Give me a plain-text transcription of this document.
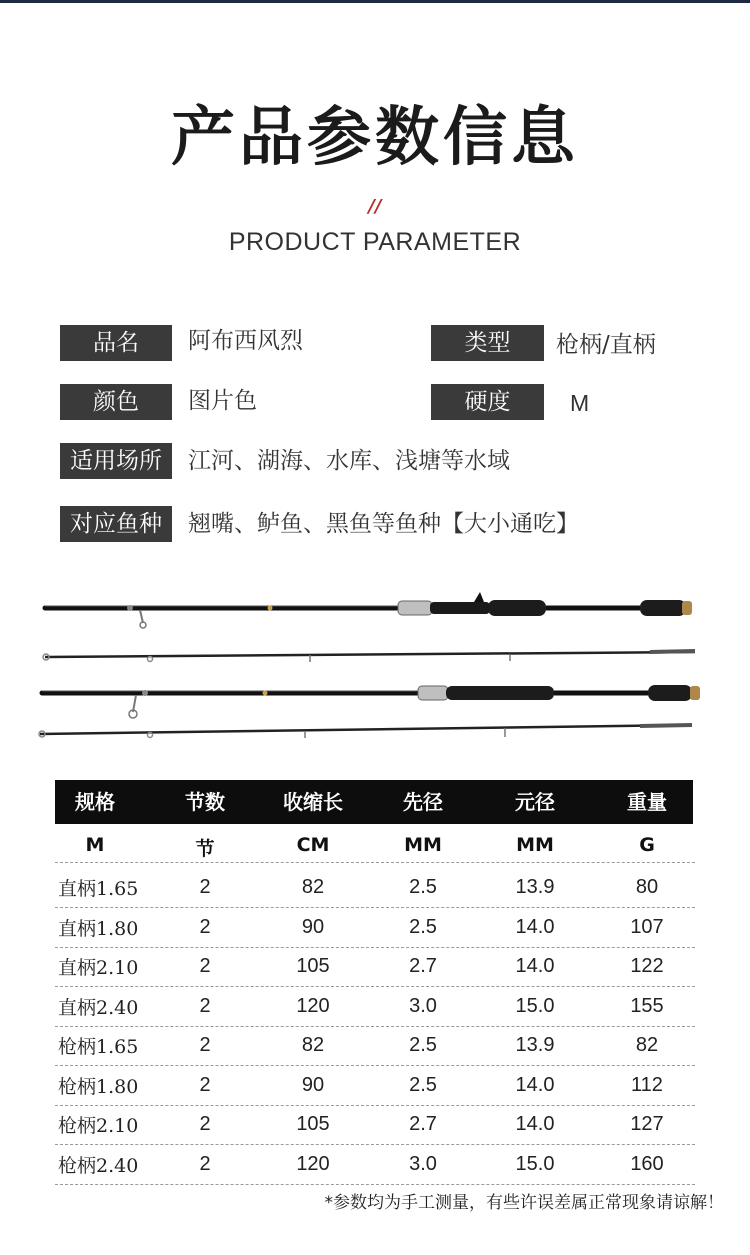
产品参数信息
//
PRODUCT PARAMETER
品名	阿布西风烈	类型	枪柄/直柄
颜色	图片色	硬度	M
适用场所	江河、湖海、水库、浅塘等水域
对应鱼种	翘嘴、鲈鱼、黑鱼等鱼种【大小通吃】
规格	节数	收缩长	先径	元径	重量
M	节	CM	MM	MM	G
直柄1.65	2	82	2.5	13.9	80
直柄1.80	2	90	2.5	14.0	107
直柄2.10	2	105	2.7	14.0	122
直柄2.40	2	120	3.0	15.0	155
枪柄1.65	2	82	2.5	13.9	82
枪柄1.80	2	90	2.5	14.0	112
枪柄2.10	2	105	2.7	14.0	127
枪柄2.40	2	120	3.0	15.0	160
*参数均为手工测量，有些许误差属正常现象请谅解！
